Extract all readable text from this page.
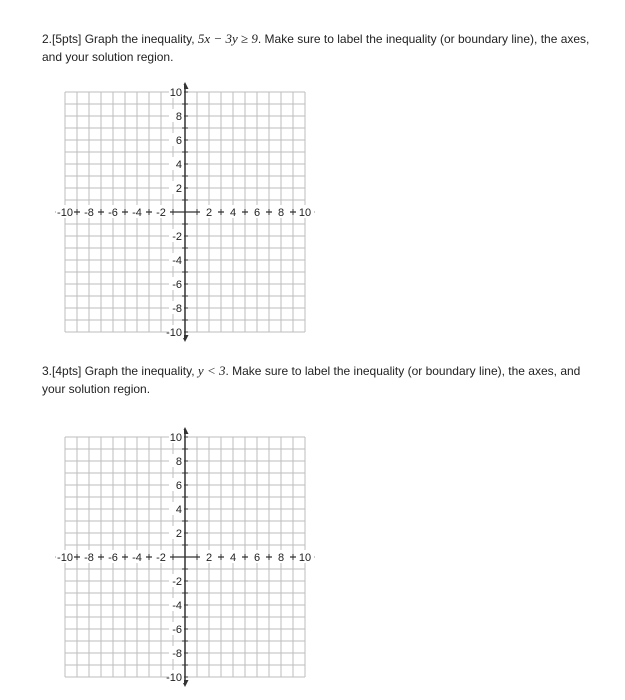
2.[5pts] Graph the inequality, 5x − 3y ≥ 9. Make sure to label the inequality (or boundary line), the axes, and your solution region.
-10 -8 -6 -4 -2	2 4 6 8 10
10
8
6
4
2
-2
-4
-6
-8
-10
3.[4pts] Graph the inequality, y < 3. Make sure to label the inequality (or boundary line), the axes, and your solution region.
-10 -8 -6 -4 -2	2 4 6 8 10
10
8
6
4
2
-2
-4
-6
-8
-10
